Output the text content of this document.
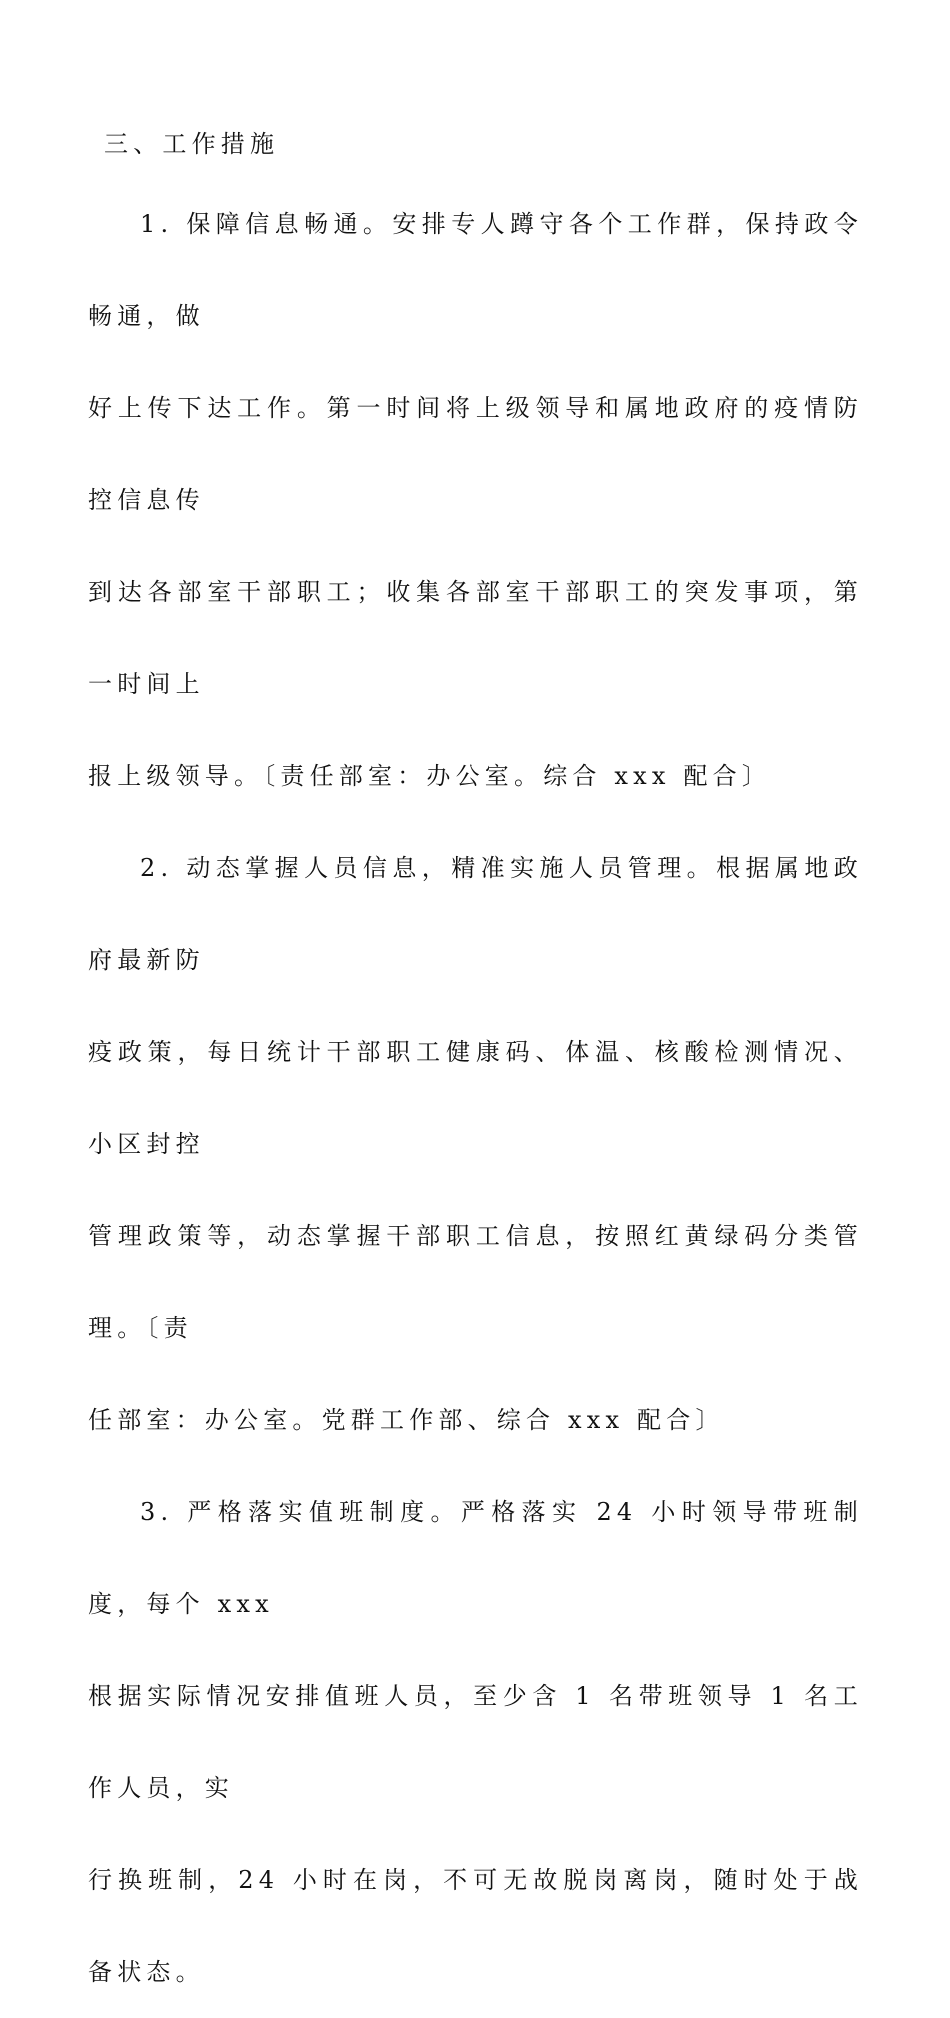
三、工作措施

1. 保障信息畅通。安排专人蹲守各个工作群，保持政令畅通，做
好上传下达工作。第一时间将上级领导和属地政府的疫情防控信息传
到达各部室干部职工；收集各部室干部职工的突发事项，第一时间上
报上级领导。〔责任部室：办公室。综合 xxx 配合〕

2. 动态掌握人员信息，精准实施人员管理。根据属地政府最新防
疫政策，每日统计干部职工健康码、体温、核酸检测情况、小区封控
管理政策等，动态掌握干部职工信息，按照红黄绿码分类管理。〔责
任部室：办公室。党群工作部、综合 xxx 配合〕

3. 严格落实值班制度。严格落实 24 小时领导带班制度，每个 xxx
根据实际情况安排值班人员，至少含 1 名带班领导 1 名工作人员，实
行换班制，24 小时在岗，不可无故脱岗离岗，随时处于战备状态。
